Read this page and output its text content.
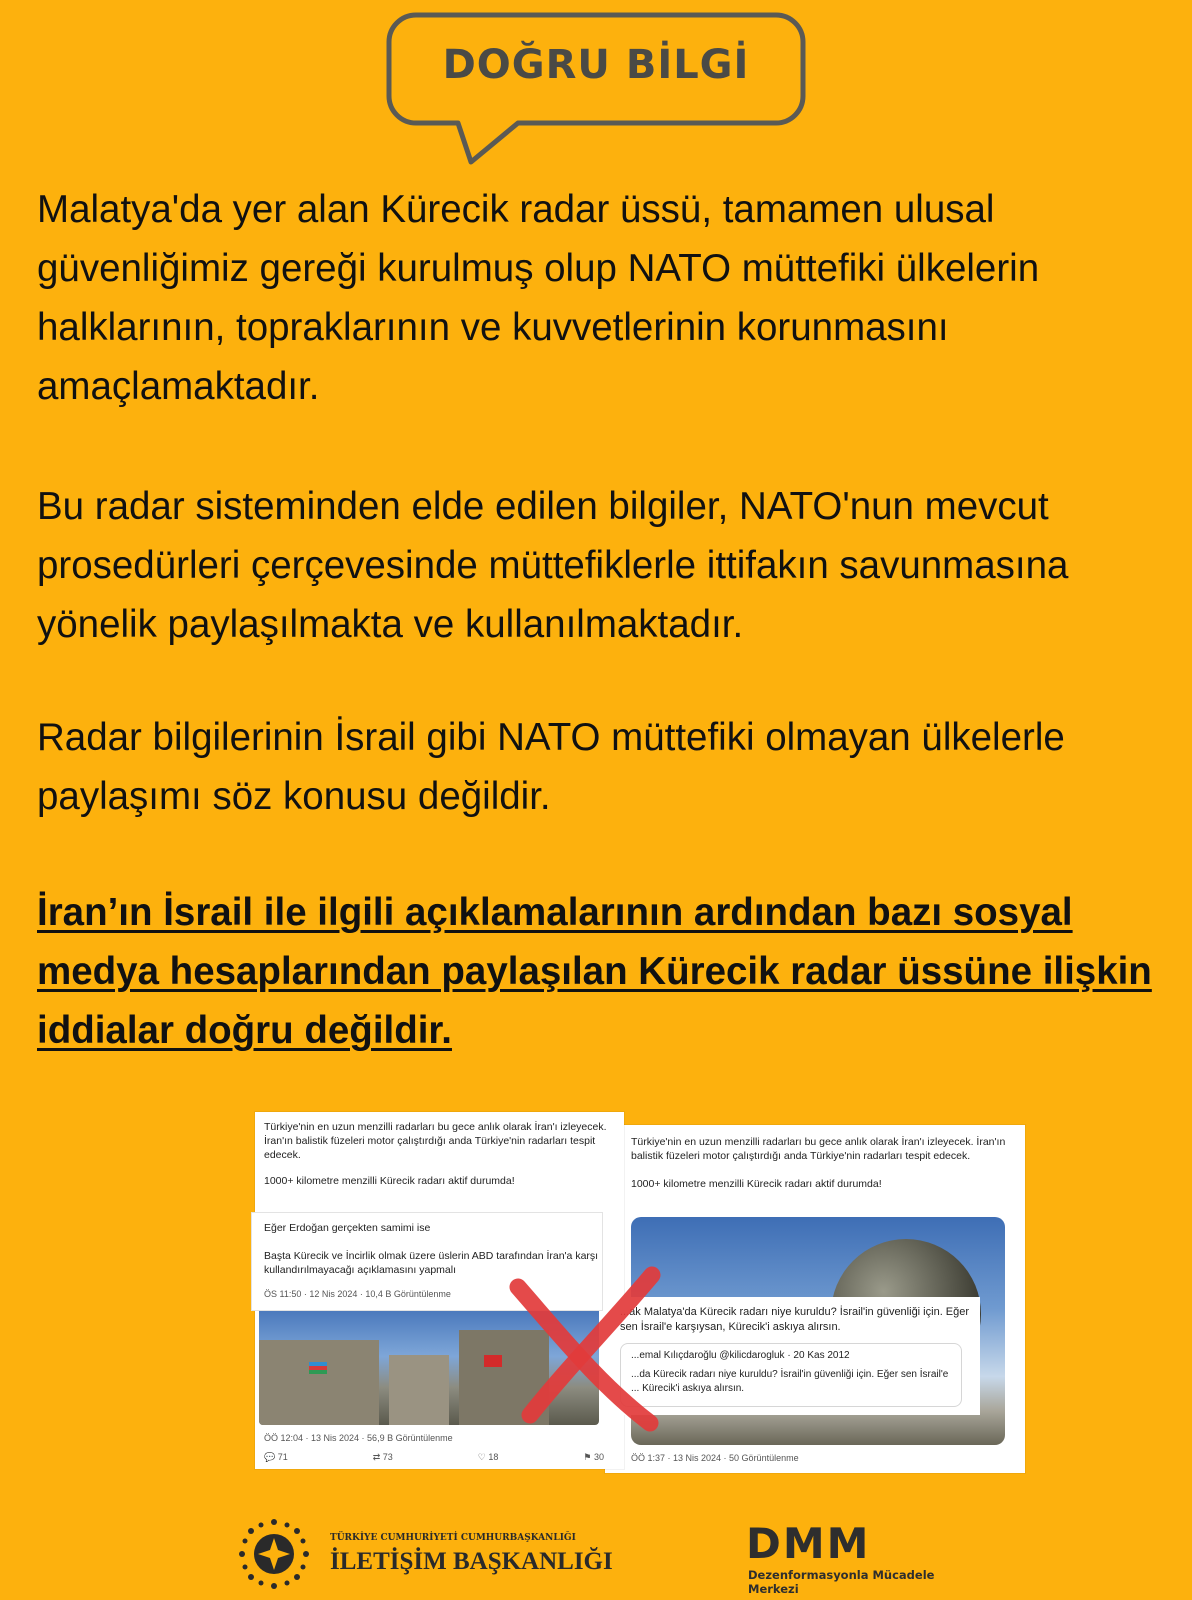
DOĞRU BİLGİ
Malatya'da yer alan Kürecik radar üssü, tamamen ulusal güvenliğimiz gereği kurulmuş olup NATO müttefiki ülkelerin halklarının, topraklarının ve kuvvetlerinin korunmasını amaçlamaktadır.
Bu radar sisteminden elde edilen bilgiler, NATO'nun mevcut prosedürleri çerçevesinde müttefiklerle ittifakın savunmasına yönelik paylaşılmakta ve kullanılmaktadır.
Radar bilgilerinin İsrail gibi NATO müttefiki olmayan ülkelerle paylaşımı söz konusu değildir.
İran’ın İsrail ile ilgili açıklamalarının ardından bazı sosyal medya hesaplarından paylaşılan Kürecik radar üssüne ilişkin iddialar doğru değildir.
Türkiye'nin en uzun menzilli radarları bu gece anlık olarak İran'ı izleyecek. İran'ın balistik füzeleri motor çalıştırdığı anda Türkiye'nin radarları tespit edecek.
1000+ kilometre menzilli Kürecik radarı aktif durumda!
ÖÖ 1:37 · 13 Nis 2024 · 50 Görüntülenme
Türkiye'nin en uzun menzilli radarları bu gece anlık olarak İran'ı izleyecek. İran'ın balistik füzeleri motor çalıştırdığı anda Türkiye'nin radarları tespit edecek.
1000+ kilometre menzilli Kürecik radarı aktif durumda!
ÖÖ 12:04 · 13 Nis 2024 · 56,9 B Görüntülenme
💬 71	⇄ 73	♡ 18	⚑ 30
Eğer Erdoğan gerçekten samimi ise
Başta Kürecik ve İncirlik olmak üzere üslerin ABD tarafından İran'a karşı kullandırılmayacağı açıklamasını yapmalı
ÖS 11:50 · 12 Nis 2024 · 10,4 B Görüntülenme
...ak Malatya'da Kürecik radarı niye kuruldu? İsrail'in güvenliği için. Eğer sen İsrail'e karşıysan, Kürecik'i askıya alırsın.
...emal Kılıçdaroğlu @kilicdarogluk · 20 Kas 2012
...da Kürecik radarı niye kuruldu? İsrail'in güvenliği için. Eğer sen İsrail'e ... Kürecik'i askıya alırsın.
TÜRKİYE CUMHURİYETİ CUMHURBAŞKANLIĞI
İLETİŞİM BAŞKANLIĞI	DMM
Dezenformasyonla Mücadele Merkezi
